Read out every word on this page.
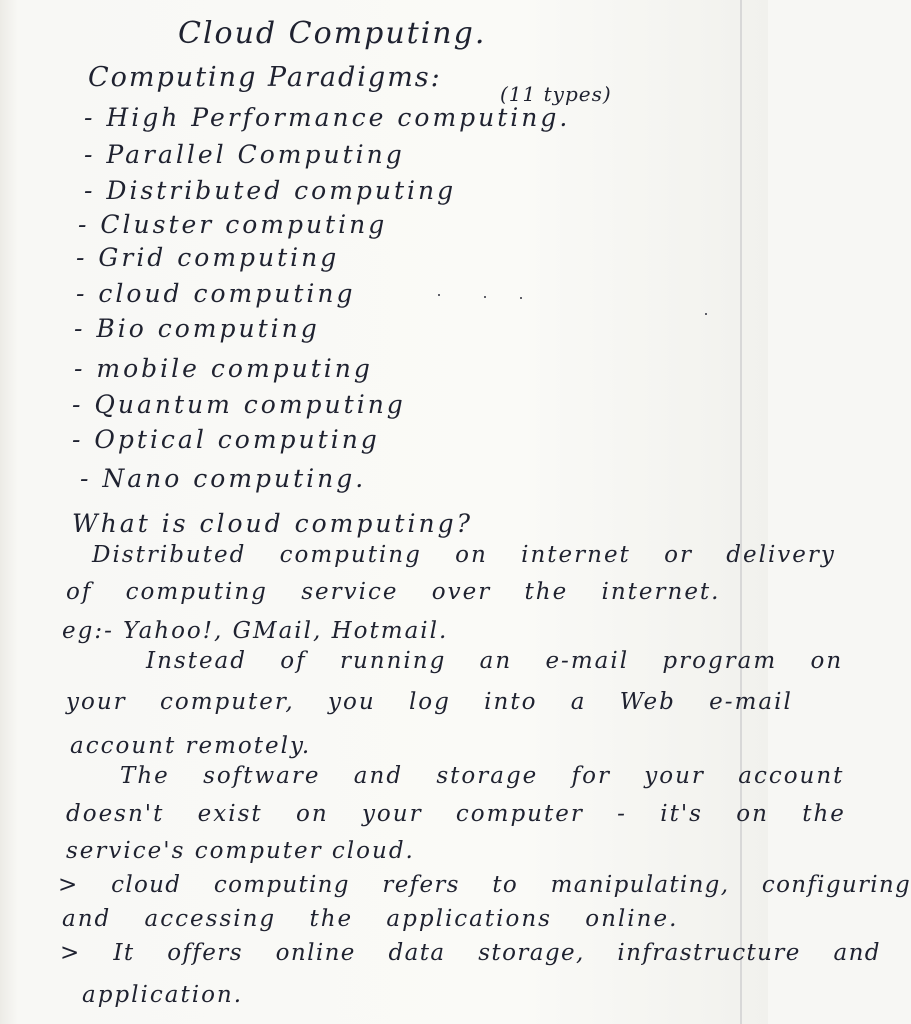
Cloud Computing.
Computing Paradigms:
(11 types)
- High Performance computing.
- Parallel Computing
- Distributed computing
- Cluster computing
- Grid computing
- cloud computing
- Bio computing
- mobile computing
- Quantum computing
- Optical computing
- Nano computing.
What is cloud computing?
Distributed computing on internet or delivery
of computing service over the internet.
eg:- Yahoo!, GMail, Hotmail.
Instead of running an e-mail program on
your computer, you log into a Web e-mail
account remotely.
The software and storage for your account
doesn't exist on your computer - it's on the
service's computer cloud.
> cloud computing refers to manipulating, configuring
and accessing the applications online.
> It offers online data storage, infrastructure and
application.
